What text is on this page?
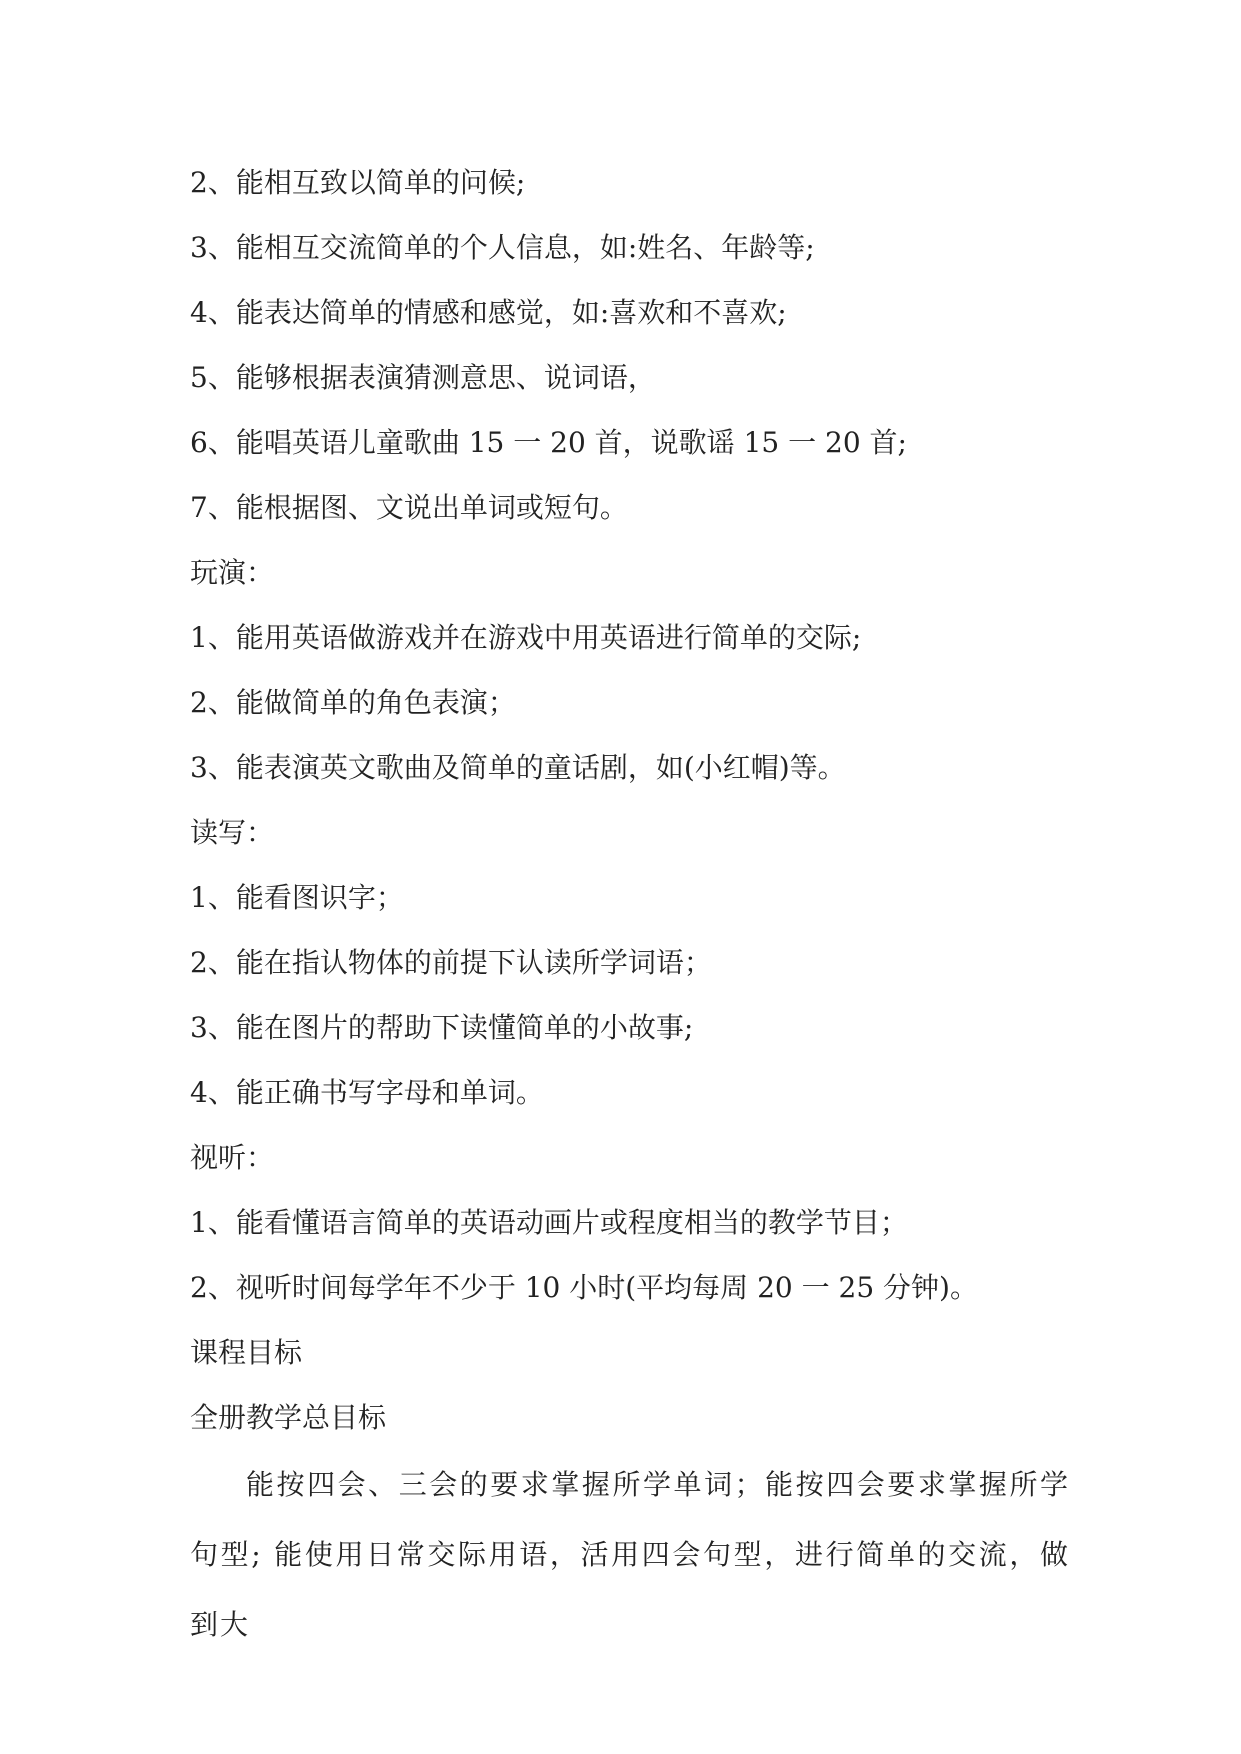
2、能相互致以简单的问候;

3、能相互交流简单的个人信息，如:姓名、年龄等;

4、能表达简单的情感和感觉，如:喜欢和不喜欢;

5、能够根据表演猜测意思、说词语，

6、能唱英语儿童歌曲 15 一 20 首，说歌谣 15 一 20 首;

7、能根据图、文说出单词或短句。

玩演：

1、能用英语做游戏并在游戏中用英语进行简单的交际;

2、能做简单的角色表演；

3、能表演英文歌曲及简单的童话剧，如(小红帽)等。

读写：

1、能看图识字；

2、能在指认物体的前提下认读所学词语；

3、能在图片的帮助下读懂简单的小故事;

4、能正确书写字母和单词。

视听：

1、能看懂语言简单的英语动画片或程度相当的教学节目；

2、视听时间每学年不少于 10 小时(平均每周 20 一 25 分钟)。

课程目标

全册教学总目标

能按四会、三会的要求掌握所学单词；能按四会要求掌握所学句型; 能使用日常交际用语，活用四会句型，进行简单的交流，做到大
